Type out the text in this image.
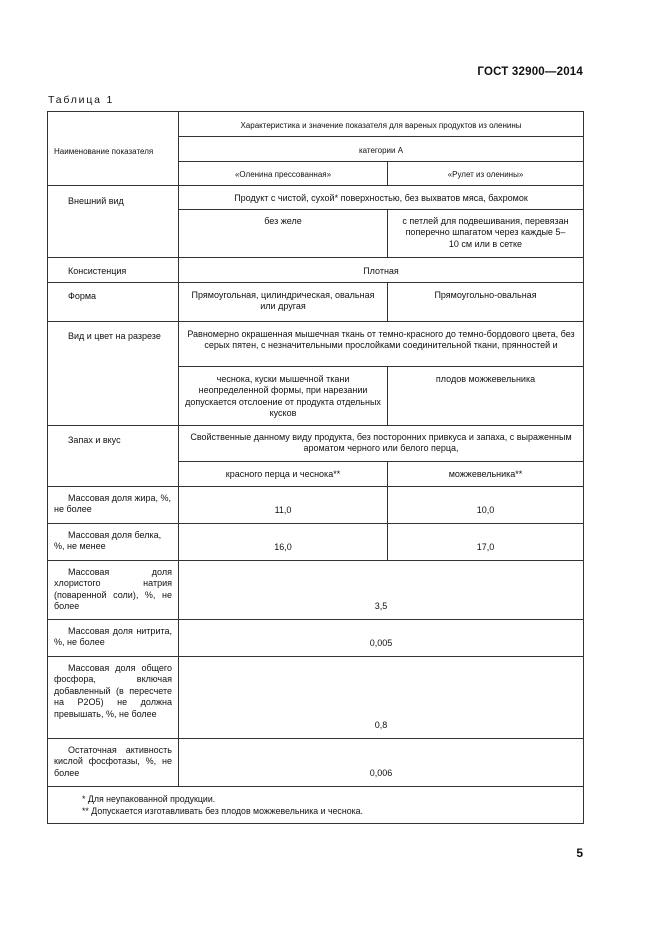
ГОСТ 32900—2014
Таблица 1
Наименование показателя	Характеристика и значение показателя для вареных продуктов из оленины	
	категории А	
	«Оленина прессованная»	«Рулет из оленины»
Внешний вид	Продукт с чистой, сухой* поверхностью, без выхватов мяса, бахромок	
	без желе	с петлей для подвешивания, перевязан поперечно шпагатом через каждые 5–10 см или в сетке
Консистенция	Плотная	
Форма	Прямоугольная, цилиндрическая, овальная или другая	Прямоугольно-овальная
Вид и цвет на разрезе	Равномерно окрашенная мышечная ткань от темно-красного до темно-бордового цвета, без серых пятен, с незначительными прослойками соединительной ткани, прянностей и	
	чеснока, куски мышечной ткани неопределенной формы, при нарезании допускается отслоение от продукта отдельных кусков	плодов можжевельника
Запах и вкус	Свойственные данному виду продукта, без посторонних привкуса и запаха, с выраженным ароматом черного или белого перца,	
	красного перца и чеснока**	можжевельника**

Массовая доля жира, %, не более	11,0	10,0

Массовая доля белка, %, не менее	16,0	17,0

Массовая доля хлористого натрия (поваренной соли), %, не более	3,5	

Массовая доля нитрита, %, не более	0,005	

Массовая доля общего фосфора, включая добавленный (в пересчете на P2O5) не должна превышать, %, не более	0,8	

Остаточная активность кислой фосфотазы, %, не более	0,006	

* Для неупакованной продукции.
** Допускается изготавливать без плодов можжевельника и чеснока.		
5
